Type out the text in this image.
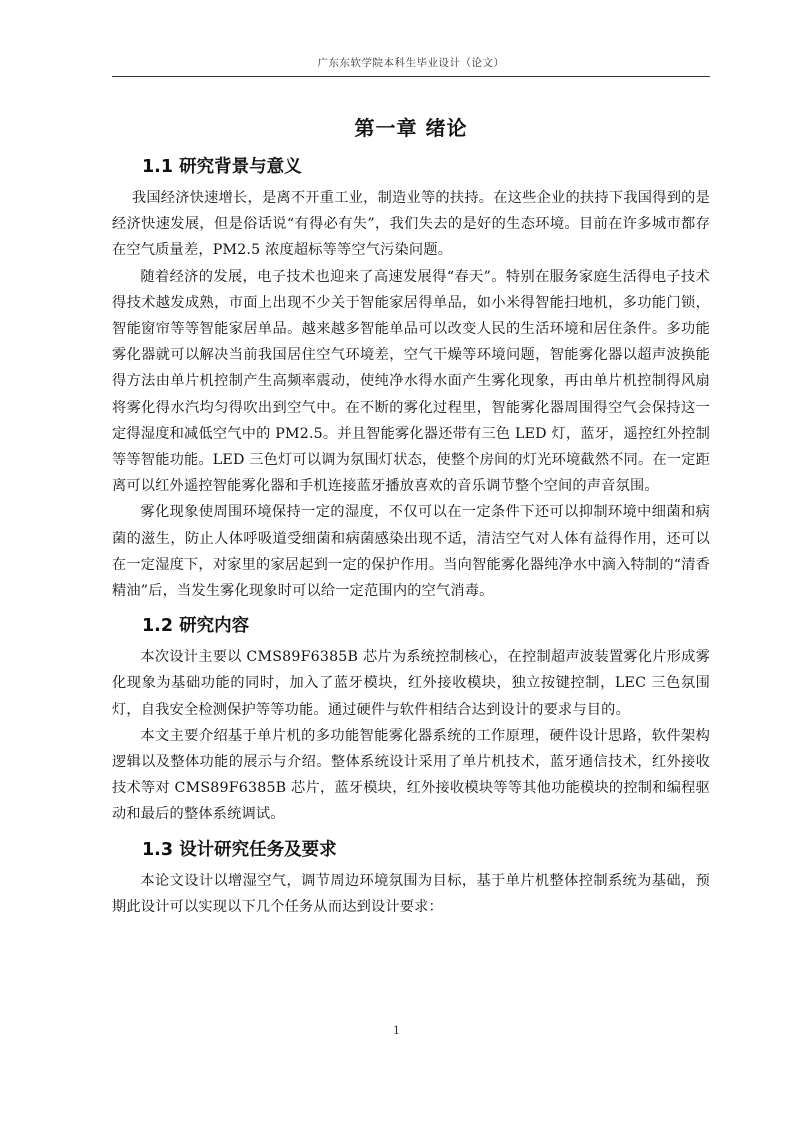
广东东软学院本科生毕业设计（论文）
第一章 绪论
1.1 研究背景与意义

我国经济快速增长，是离不开重工业，制造业等的扶持。在这些企业的扶持下我国得到的是经济快速发展，但是俗话说“有得必有失”，我们失去的是好的生态环境。目前在许多城市都存在空气质量差，PM2.5 浓度超标等等空气污染问题。

随着经济的发展，电子技术也迎来了高速发展得“春天”。特别在服务家庭生活得电子技术得技术越发成熟，市面上出现不少关于智能家居得单品，如小米得智能扫地机，多功能门锁，智能窗帘等等智能家居单品。越来越多智能单品可以改变人民的生活环境和居住条件。多功能雾化器就可以解决当前我国居住空气环境差，空气干燥等环境问题，智能雾化器以超声波换能得方法由单片机控制产生高频率震动，使纯净水得水面产生雾化现象，再由单片机控制得风扇将雾化得水汽均匀得吹出到空气中。在不断的雾化过程里，智能雾化器周围得空气会保持这一定得湿度和减低空气中的 PM2.5。并且智能雾化器还带有三色 LED 灯，蓝牙，遥控红外控制等等智能功能。LED 三色灯可以调为氛围灯状态，使整个房间的灯光环境截然不同。在一定距离可以红外遥控智能雾化器和手机连接蓝牙播放喜欢的音乐调节整个空间的声音氛围。

雾化现象使周围环境保持一定的湿度，不仅可以在一定条件下还可以抑制环境中细菌和病菌的滋生，防止人体呼吸道受细菌和病菌感染出现不适，清洁空气对人体有益得作用，还可以在一定湿度下，对家里的家居起到一定的保护作用。当向智能雾化器纯净水中滴入特制的“清香精油”后，当发生雾化现象时可以给一定范围内的空气消毒。

1.2 研究内容

本次设计主要以 CMS89F6385B 芯片为系统控制核心，在控制超声波装置雾化片形成雾化现象为基础功能的同时，加入了蓝牙模块，红外接收模块，独立按键控制，LEC 三色氛围灯，自我安全检测保护等等功能。通过硬件与软件相结合达到设计的要求与目的。

本文主要介绍基于单片机的多功能智能雾化器系统的工作原理，硬件设计思路，软件架构逻辑以及整体功能的展示与介绍。整体系统设计采用了单片机技术，蓝牙通信技术，红外接收技术等对 CMS89F6385B 芯片，蓝牙模块，红外接收模块等等其他功能模块的控制和编程驱动和最后的整体系统调试。

1.3 设计研究任务及要求

本论文设计以增湿空气，调节周边环境氛围为目标，基于单片机整体控制系统为基础，预期此设计可以实现以下几个任务从而达到设计要求：

1
